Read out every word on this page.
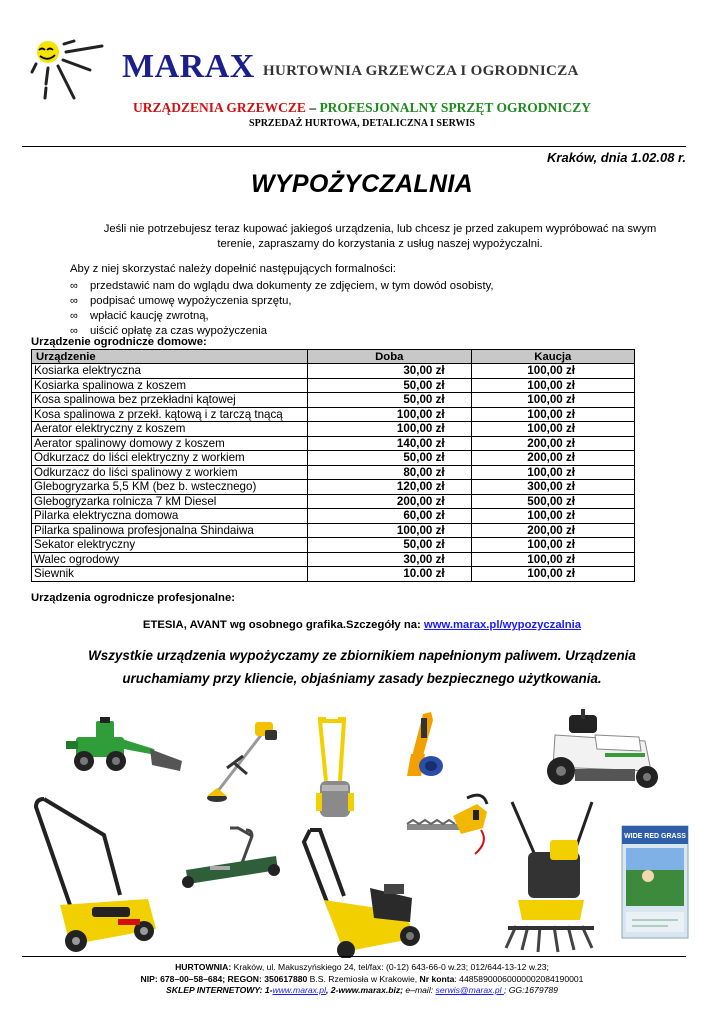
MARAX HURTOWNIA GRZEWCZA I OGRODNICZA
URZĄDZENIA GRZEWCZE – PROFESJONALNY SPRZĘT OGRODNICZY
SPRZEDAŻ HURTOWA, DETALICZNA I SERWIS
Kraków, dnia 1.02.08 r.
WYPOŻYCZALNIA
Jeśli nie potrzebujesz teraz kupować jakiegoś urządzenia, lub chcesz je przed zakupem wypróbować na swym
terenie, zapraszamy do korzystania z usług naszej wypożyczalni.
Aby z niej skorzystać należy dopełnić następujących formalności:
∞ przedstawić nam do wglądu dwa dokumenty ze zdjęciem, w tym dowód osobisty,
∞ podpisać umowę wypożyczenia sprzętu,
∞ wpłacić kaucję zwrotną,
∞ uiścić opłatę za czas wypożyczenia
Urządzenie ogrodnicze domowe:
Urządzenie	Doba	Kaucja
Kosiarka elektryczna	30,00 zł	100,00 zł
Kosiarka spalinowa z koszem	50,00 zł	100,00 zł
Kosa spalinowa bez przekładni kątowej	50,00 zł	100,00 zł
Kosa spalinowa z przekł. kątową i z tarczą tnącą	100,00 zł	100,00 zł
Aerator elektryczny z koszem	100,00 zł	100,00 zł
Aerator spalinowy domowy z koszem	140,00 zł	200,00 zł
Odkurzacz do liści elektryczny z workiem	50,00 zł	200,00 zł
Odkurzacz do liści spalinowy z workiem	80,00 zł	100,00 zł
Glebogryzarka 5,5 KM (bez b. wstecznego)	120,00 zł	300,00 zł
Glebogryzarka rolnicza 7 kM Diesel	200,00 zł	500,00 zł
Pilarka elektryczna domowa	60,00 zł	100,00 zł
Pilarka spalinowa profesjonalna Shindaiwa	100,00 zł	200,00 zł
Sekator elektryczny	50,00 zł	100,00 zł
Walec ogrodowy	30,00 zł	100,00 zł
Siewnik	10.00 zł	100,00 zł
Urządzenia ogrodnicze profesjonalne:
ETESIA, AVANT wg osobnego grafika.Szczegóły na: www.marax.pl/wypozyczalnia
Wszystkie urządzenia wypożyczamy ze zbiornikiem napełnionym paliwem. Urządzenia
uruchamiamy przy kliencie, objaśniamy zasady bezpiecznego użytkowania.
WIDE RED GRASS
HURTOWNIA: Kraków, ul. Makuszyńskiego 24, tel/fax: (0-12) 643-66-0 w.23; 012/644-13-12 w.23;
NIP: 678–00–58–684; REGON: 350617880 B.S. Rzemiosła w Krakowie, Nr konta: 44858900060000002084190001
SKLEP INTERNETOWY: 1-www.marax.pl, 2-www.marax.biz; e–mail: serwis@marax.pl ; GG:1679789
